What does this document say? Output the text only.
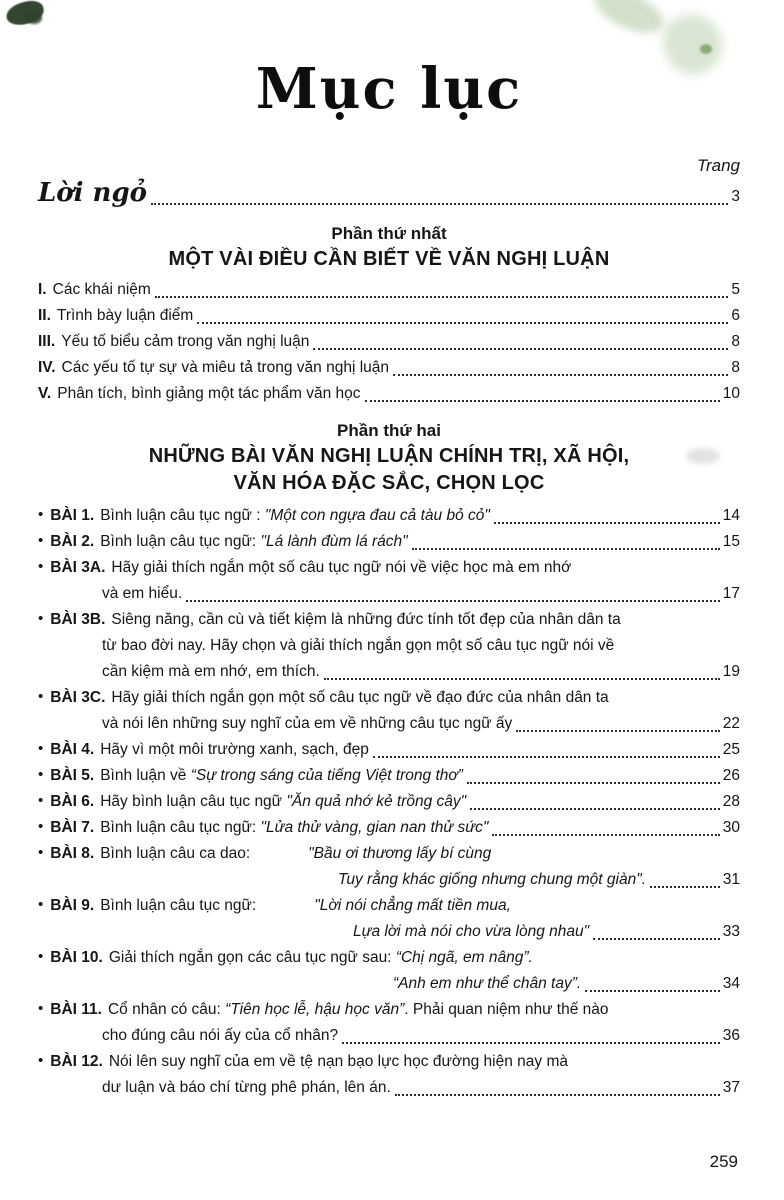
Mục lục
Trang
Lời ngỏ	3
Phần thứ nhất
MỘT VÀI ĐIỀU CẦN BIẾT VỀ VĂN NGHỊ LUẬN
I. Các khái niệm	5
II. Trình bày luận điểm	6
III. Yếu tố biểu cảm trong văn nghị luận	8
IV. Các yếu tố tự sự và miêu tả trong văn nghị luận	8
V. Phân tích, bình giảng một tác phẩm văn học	10
Phần thứ hai
NHỮNG BÀI VĂN NGHỊ LUẬN CHÍNH TRỊ, XÃ HỘI,
VĂN HÓA ĐẶC SẮC, CHỌN LỌC
• BÀI 1. Bình luận câu tục ngữ : "Một con ngựa đau cả tàu bỏ cỏ"	14
• BÀI 2. Bình luận câu tục ngữ: "Lá lành đùm lá rách"	15
• BÀI 3A. Hãy giải thích ngắn một số câu tục ngữ nói về việc học mà em nhớ
và em hiểu.	17
• BÀI 3B. Siêng năng, cần cù và tiết kiệm là những đức tính tốt đẹp của nhân dân ta
từ bao đời nay. Hãy chọn và giải thích ngắn gọn một số câu tục ngữ nói về
cần kiệm mà em nhớ, em thích.	19
• BÀI 3C. Hãy giải thích ngắn gọn một số câu tục ngữ về đạo đức của nhân dân ta
và nói lên những suy nghĩ của em về những câu tục ngữ ấy	22
• BÀI 4. Hãy vì một môi trường xanh, sạch, đẹp	25
• BÀI 5. Bình luận về “Sự trong sáng của tiếng Việt trong thơ”	26
• BÀI 6. Hãy bình luận câu tục ngữ "Ăn quả nhớ kẻ trồng cây"	28
• BÀI 7. Bình luận câu tục ngữ: "Lửa thử vàng, gian nan thử sức"	30
• BÀI 8. Bình luận câu ca dao:	"Bầu ơi thương lấy bí cùng
Tuy rằng khác giống nhưng chung một giàn".	31
• BÀI 9. Bình luận câu tục ngữ:	"Lời nói chẳng mất tiền mua,
Lựa lời mà nói cho vừa lòng nhau"	33
• BÀI 10. Giải thích ngắn gọn các câu tục ngữ sau: “Chị ngã, em nâng”.
“Anh em như thể chân tay”.	34
• BÀI 11. Cổ nhân có câu: “Tiên học lễ, hậu học văn”. Phải quan niệm như thế nào
cho đúng câu nói ấy của cổ nhân?	36
• BÀI 12. Nói lên suy nghĩ của em về tệ nạn bạo lực học đường hiện nay mà
dư luận và báo chí từng phê phán, lên án.	37
259
